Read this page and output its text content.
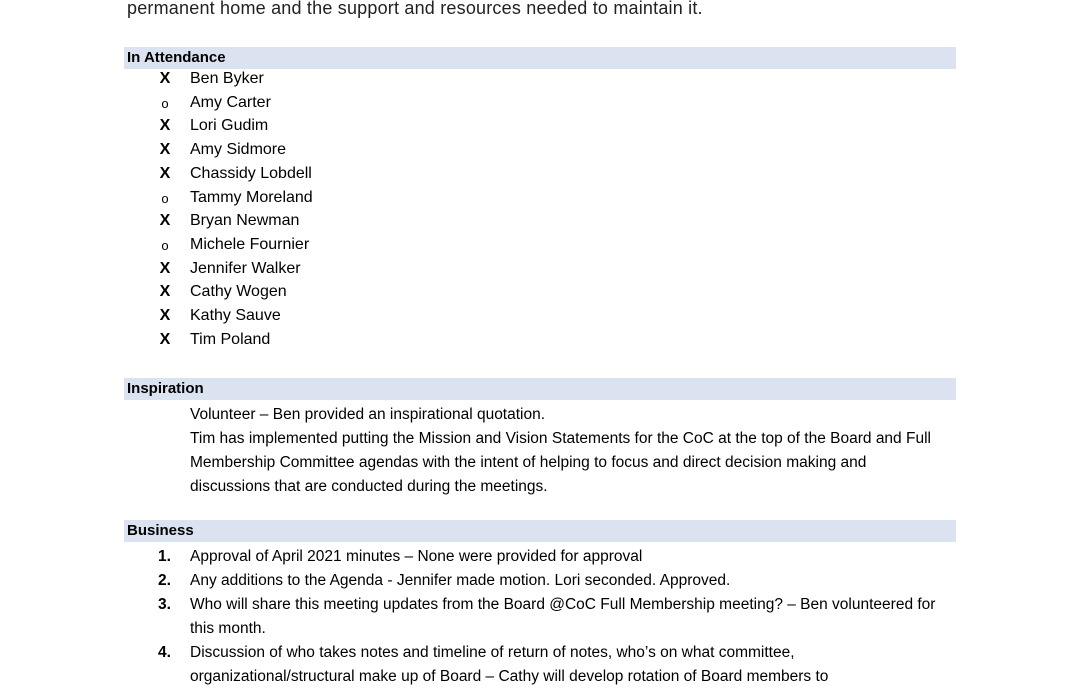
permanent home and the support and resources needed to maintain it.
In Attendance
X Ben Byker
o Amy Carter
X Lori Gudim
X Amy Sidmore
X Chassidy Lobdell
o Tammy Moreland
X Bryan Newman
o Michele Fournier
X Jennifer Walker
X Cathy Wogen
X Kathy Sauve
X Tim Poland
Inspiration

Volunteer – Ben provided an inspirational quotation.

Tim has implemented putting the Mission and Vision Statements for the CoC at the top of the Board and Full Membership Committee agendas with the intent of helping to focus and direct decision making and discussions that are conducted during the meetings.

Business
1.	Approval of April 2021 minutes – None were provided for approval
2.	Any additions to the Agenda - Jennifer made motion. Lori seconded. Approved.
3.	Who will share this meeting updates from the Board @CoC Full Membership meeting? – Ben volunteered for this month.
4.	Discussion of who takes notes and timeline of return of notes, who’s on what committee, organizational/structural make up of Board – Cathy will develop rotation of Board members to
